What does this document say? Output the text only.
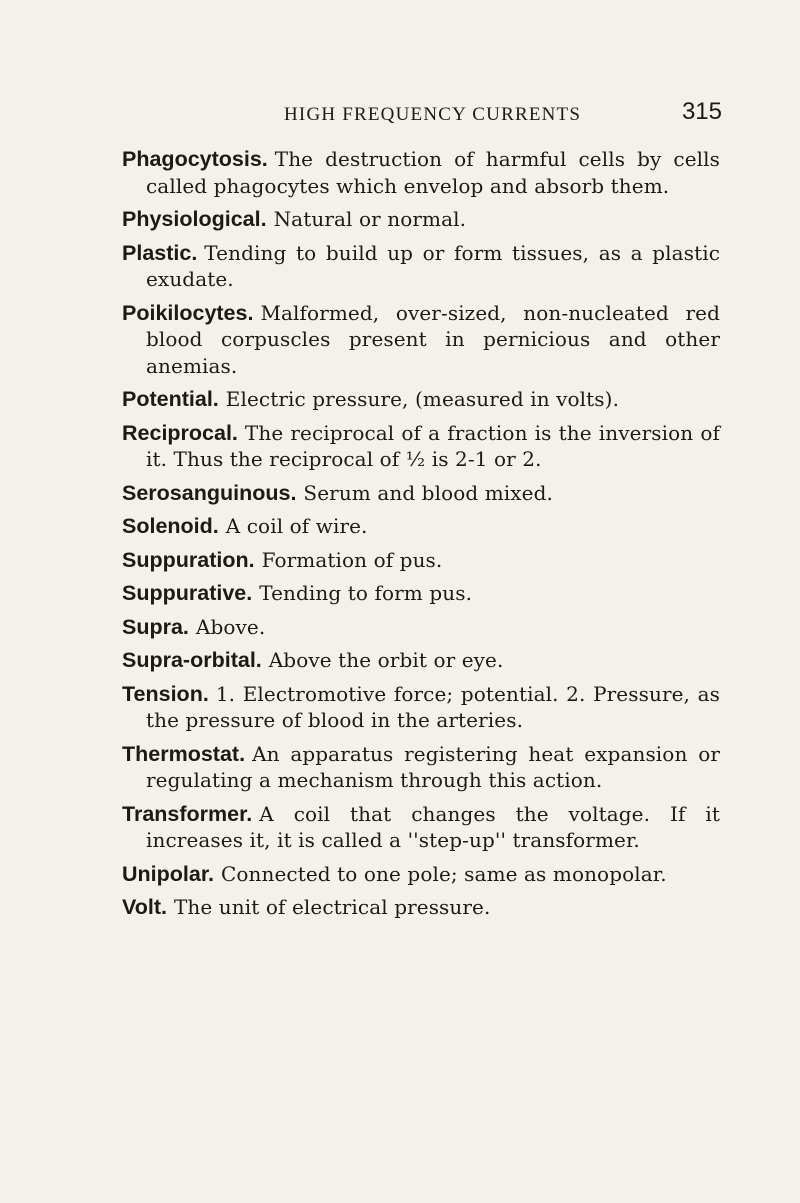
HIGH FREQUENCY CURRENTS	315

Phagocytosis. The destruction of harmful cells by cells called phagocytes which envelop and absorb them.

Physiological. Natural or normal.

Plastic. Tending to build up or form tissues, as a plastic exudate.

Poikilocytes. Malformed, over-sized, non-nucleated red blood corpuscles present in pernicious and other anemias.

Potential. Electric pressure, (measured in volts).

Reciprocal. The reciprocal of a fraction is the inversion of it. Thus the reciprocal of ½ is 2-1 or 2.

Serosanguinous. Serum and blood mixed.

Solenoid. A coil of wire.

Suppuration. Formation of pus.

Suppurative. Tending to form pus.

Supra. Above.

Supra-orbital. Above the orbit or eye.

Tension. 1. Electromotive force; potential. 2. Pressure, as the pressure of blood in the arteries.

Thermostat. An apparatus registering heat expansion or regulating a mechanism through this action.

Transformer. A coil that changes the voltage. If it increases it, it is called a ''step-up'' transformer.

Unipolar. Connected to one pole; same as monopolar.

Volt. The unit of electrical pressure.
